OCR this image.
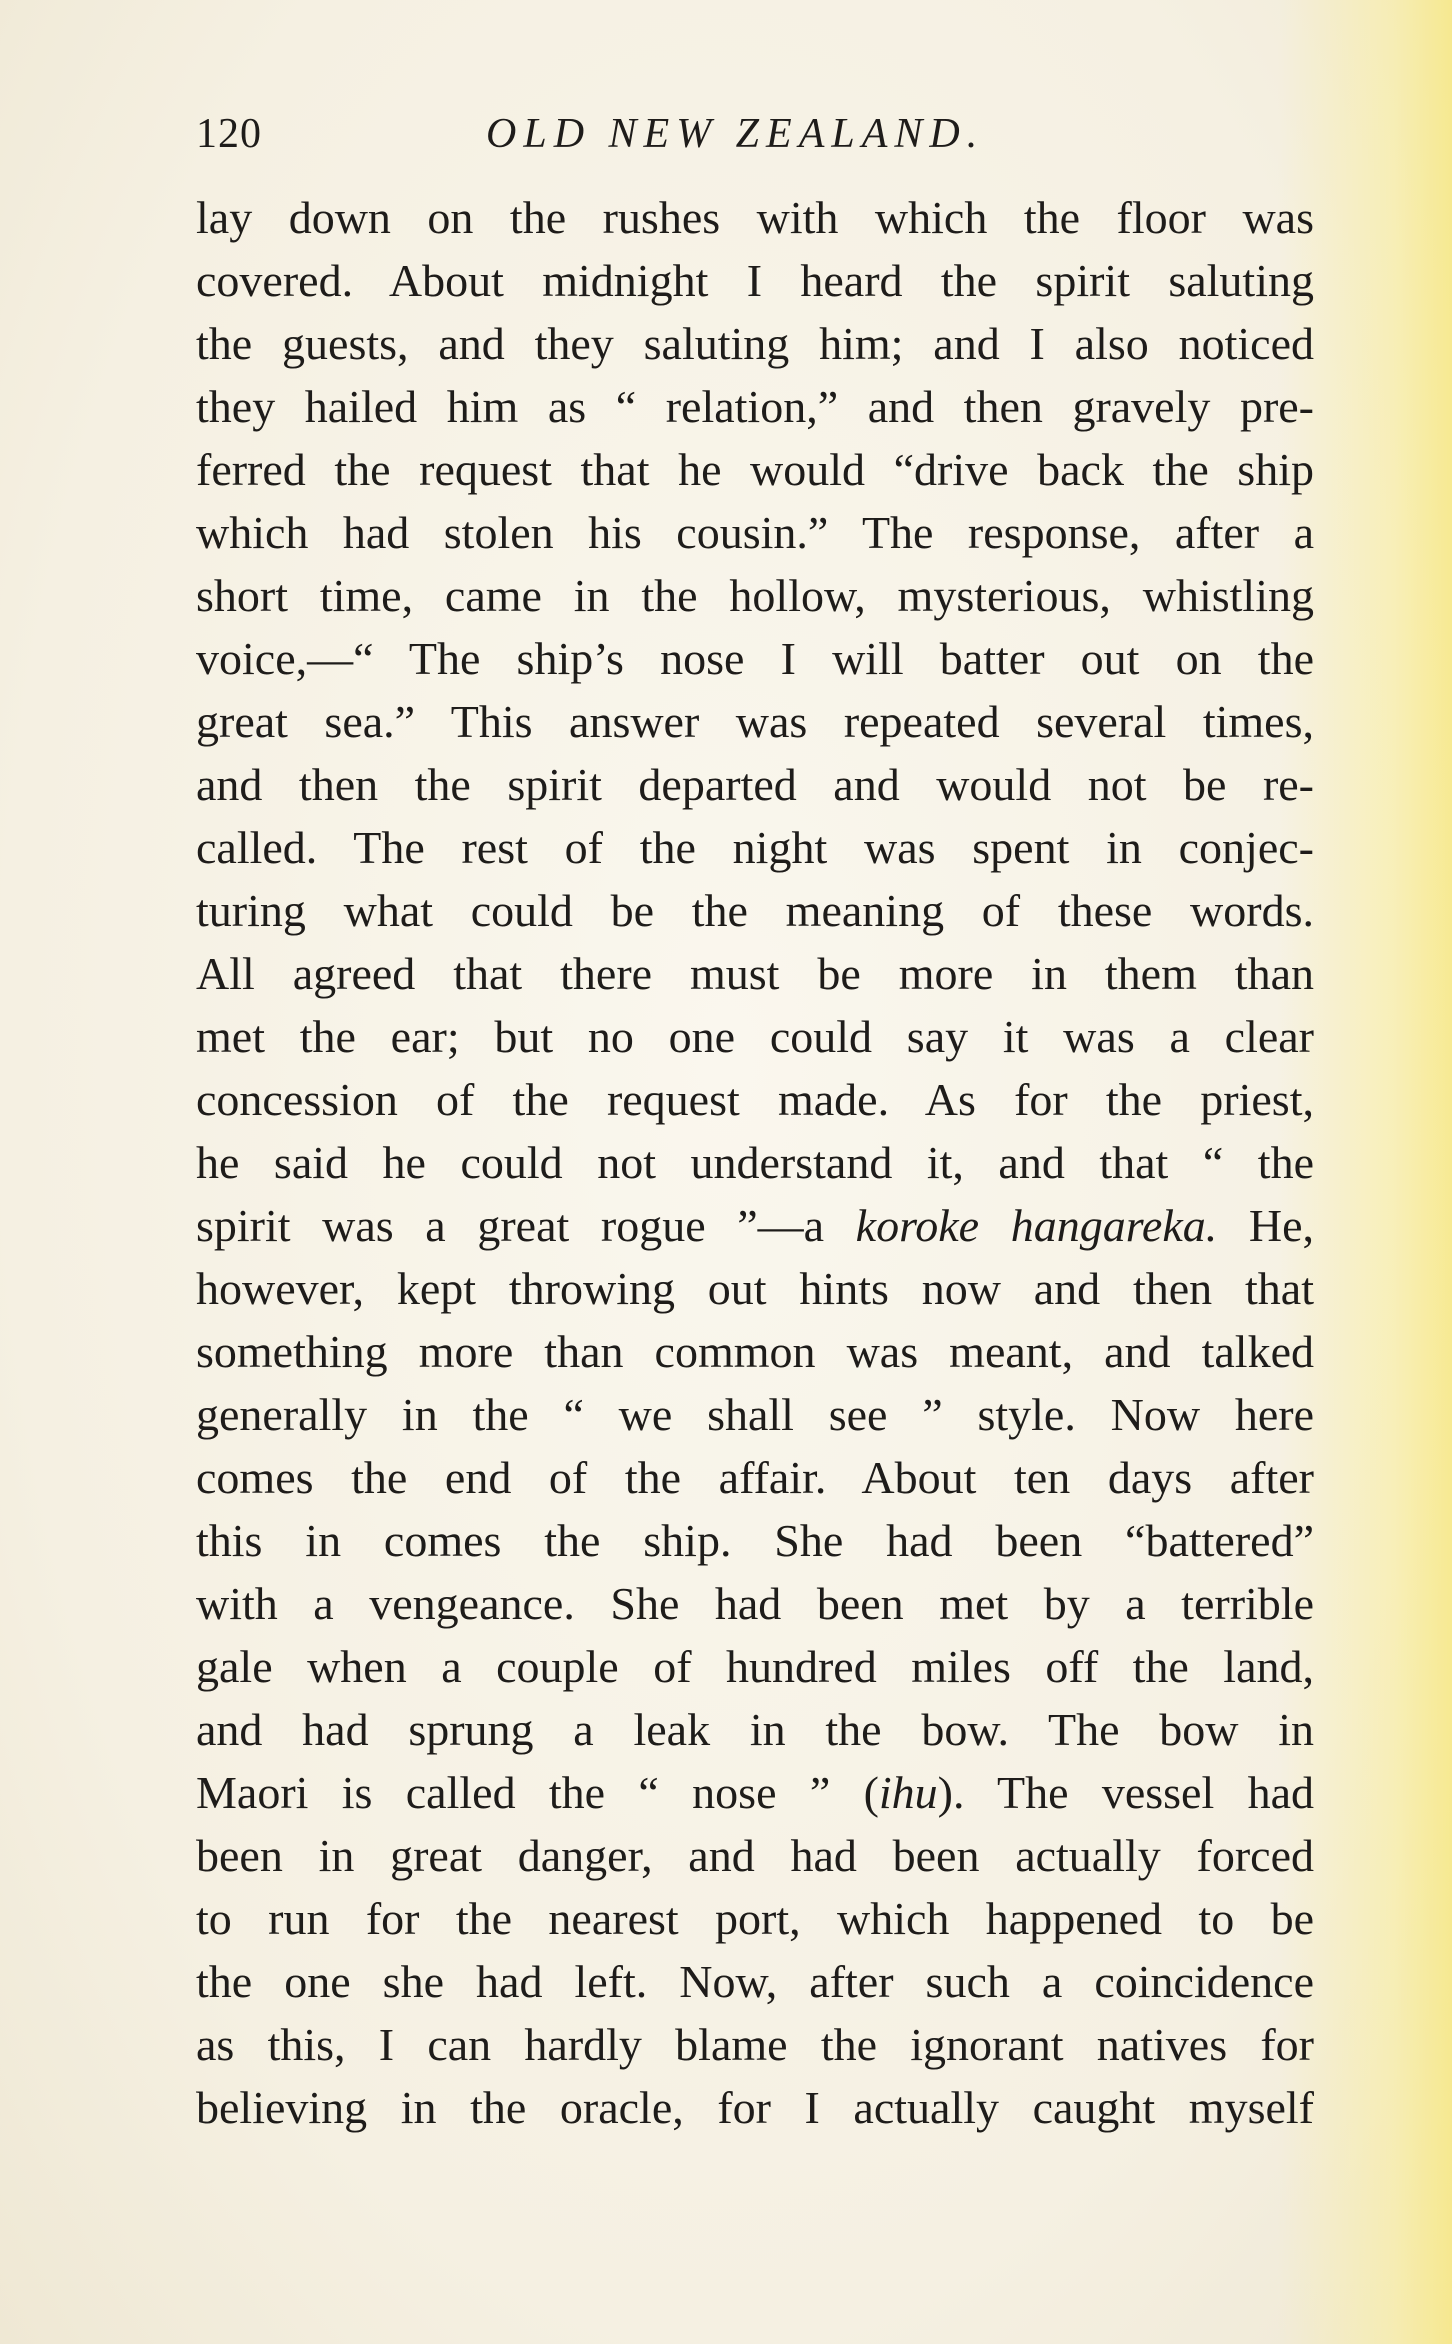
120	OLD NEW ZEALAND.
lay down on the rushes with which the floor was
covered. About midnight I heard the spirit saluting
the guests, and they saluting him; and I also noticed
they hailed him as “ relation,” and then gravely pre-
ferred the request that he would “drive back the ship
which had stolen his cousin.” The response, after a
short time, came in the hollow, mysterious, whistling
voice,—“ The ship’s nose I will batter out on the
great sea.” This answer was repeated several times,
and then the spirit departed and would not be re-
called. The rest of the night was spent in conjec-
turing what could be the meaning of these words.
All agreed that there must be more in them than
met the ear; but no one could say it was a clear
concession of the request made. As for the priest,
he said he could not understand it, and that “ the
spirit was a great rogue ”—a koroke hangareka. He,
however, kept throwing out hints now and then that
something more than common was meant, and talked
generally in the “ we shall see ” style. Now here
comes the end of the affair. About ten days after
this in comes the ship. She had been “battered”
with a vengeance. She had been met by a terrible
gale when a couple of hundred miles off the land,
and had sprung a leak in the bow. The bow in
Maori is called the “ nose ” (ihu). The vessel had
been in great danger, and had been actually forced
to run for the nearest port, which happened to be
the one she had left. Now, after such a coincidence
as this, I can hardly blame the ignorant natives for
believing in the oracle, for I actually caught myself
